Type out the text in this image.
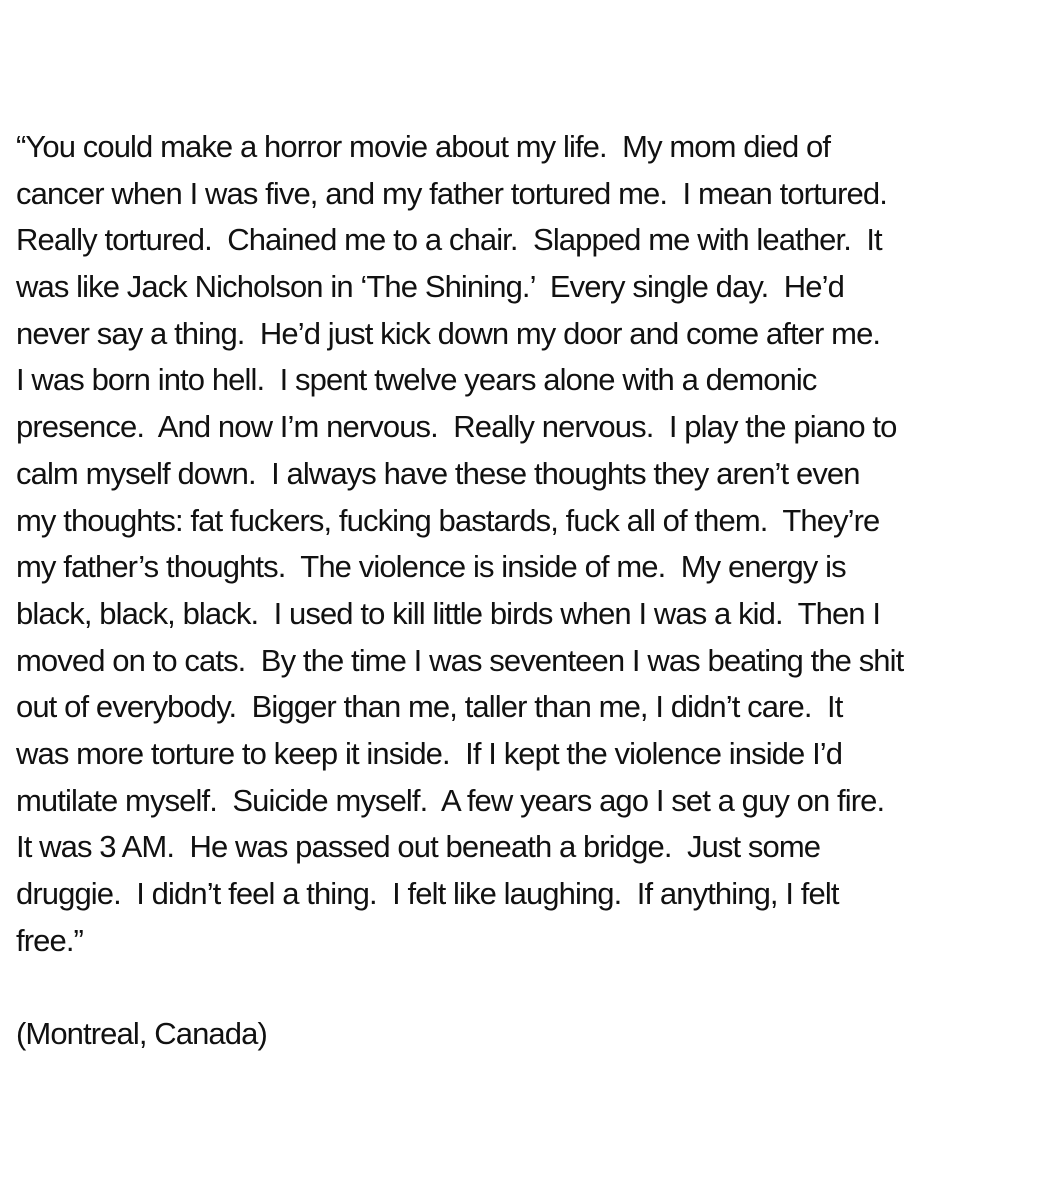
“You could make a horror movie about my life.  My mom died of
cancer when I was five, and my father tortured me.  I mean tortured.
Really tortured.  Chained me to a chair.  Slapped me with leather.  It
was like Jack Nicholson in ‘The Shining.’  Every single day.  He’d
never say a thing.  He’d just kick down my door and come after me.
I was born into hell.  I spent twelve years alone with a demonic
presence.  And now I’m nervous.  Really nervous.  I play the piano to
calm myself down.  I always have these thoughts they aren’t even
my thoughts: fat fuckers, fucking bastards, fuck all of them.  They’re
my father’s thoughts.  The violence is inside of me.  My energy is
black, black, black.  I used to kill little birds when I was a kid.  Then I
moved on to cats.  By the time I was seventeen I was beating the shit
out of everybody.  Bigger than me, taller than me, I didn’t care.  It
was more torture to keep it inside.  If I kept the violence inside I’d
mutilate myself.  Suicide myself.  A few years ago I set a guy on fire.
It was 3 AM.  He was passed out beneath a bridge.  Just some
druggie.  I didn’t feel a thing.  I felt like laughing.  If anything, I felt
free.”
(Montreal, Canada)
